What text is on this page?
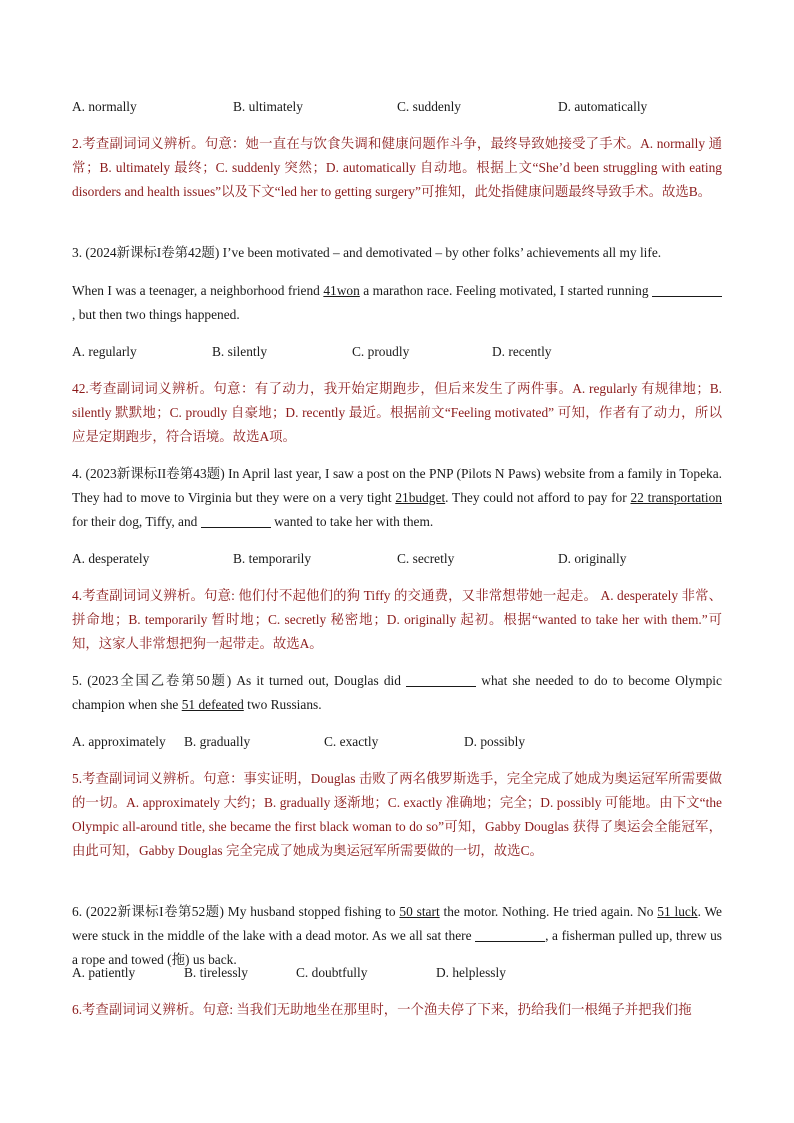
A. normally	B. ultimately	C. suddenly	D. automatically
2.考查副词词义辨析。句意：她一直在与饮食失调和健康问题作斗争，最终导致她接受了手术。A. normally 通常；B. ultimately 最终；C. suddenly 突然；D. automatically 自动地。根据上文“She’d been struggling with eating disorders and health issues”以及下文“led her to getting surgery”可推知，此处指健康问题最终导致手术。故选B。
3. (2024新课标I卷第42题) I’ve been motivated – and demotivated – by other folks’ achievements all my life.
When I was a teenager, a neighborhood friend 41won a marathon race. Feeling motivated, I started running , but then two things happened.
A. regularly	B. silently	C. proudly	D. recently
42.考查副词词义辨析。句意：有了动力，我开始定期跑步，但后来发生了两件事。A. regularly 有规律地；B. silently 默默地；C. proudly 自豪地；D. recently 最近。根据前文“Feeling motivated” 可知，作者有了动力，所以应是定期跑步，符合语境。故选A项。
4. (2023新课标II卷第43题) In April last year, I saw a post on the PNP (Pilots N Paws) website from a family in Topeka. They had to move to Virginia but they were on a very tight 21budget. They could not afford to pay for 22 transportation for their dog, Tiffy, and	wanted to take her with them.
A. desperately	B. temporarily	C. secretly	D. originally
4.考查副词词义辨析。句意: 他们付不起他们的狗 Tiffy 的交通费，又非常想带她一起走。 A. desperately 非常、拼命地；B. temporarily 暂时地；C. secretly 秘密地；D. originally 起初。根据“wanted to take her with them.”可知，这家人非常想把狗一起带走。故选A。
5. (2023全国乙卷第50题) As it turned out, Douglas did	what she needed to do to become Olympic champion when she 51 defeated two Russians.
A. approximately B. gradually	C. exactly	D. possibly
5.考查副词词义辨析。句意：事实证明，Douglas 击败了两名俄罗斯选手，完全完成了她成为奥运冠军所需要做的一切。A. approximately 大约；B. gradually 逐渐地；C. exactly 准确地；完全；D. possibly 可能地。由下文“the Olympic all-around title, she became the first black woman to do so”可知，Gabby Douglas 获得了奥运会全能冠军，由此可知，Gabby Douglas 完全完成了她成为奥运冠军所需要做的一切，故选C。
6. (2022新课标I卷第52题) My husband stopped fishing to 50 start the motor. Nothing. He tried again. No 51 luck. We were stuck in the middle of the lake with a dead motor. As we all sat there	, a fisherman pulled up, threw us a rope and towed (拖) us back.
A. patiently	B. tirelessly	C. doubtfully	D. helplessly
6.考查副词词义辨析。句意: 当我们无助地坐在那里时，一个渔夫停了下来，扔给我们一根绳子并把我们拖
